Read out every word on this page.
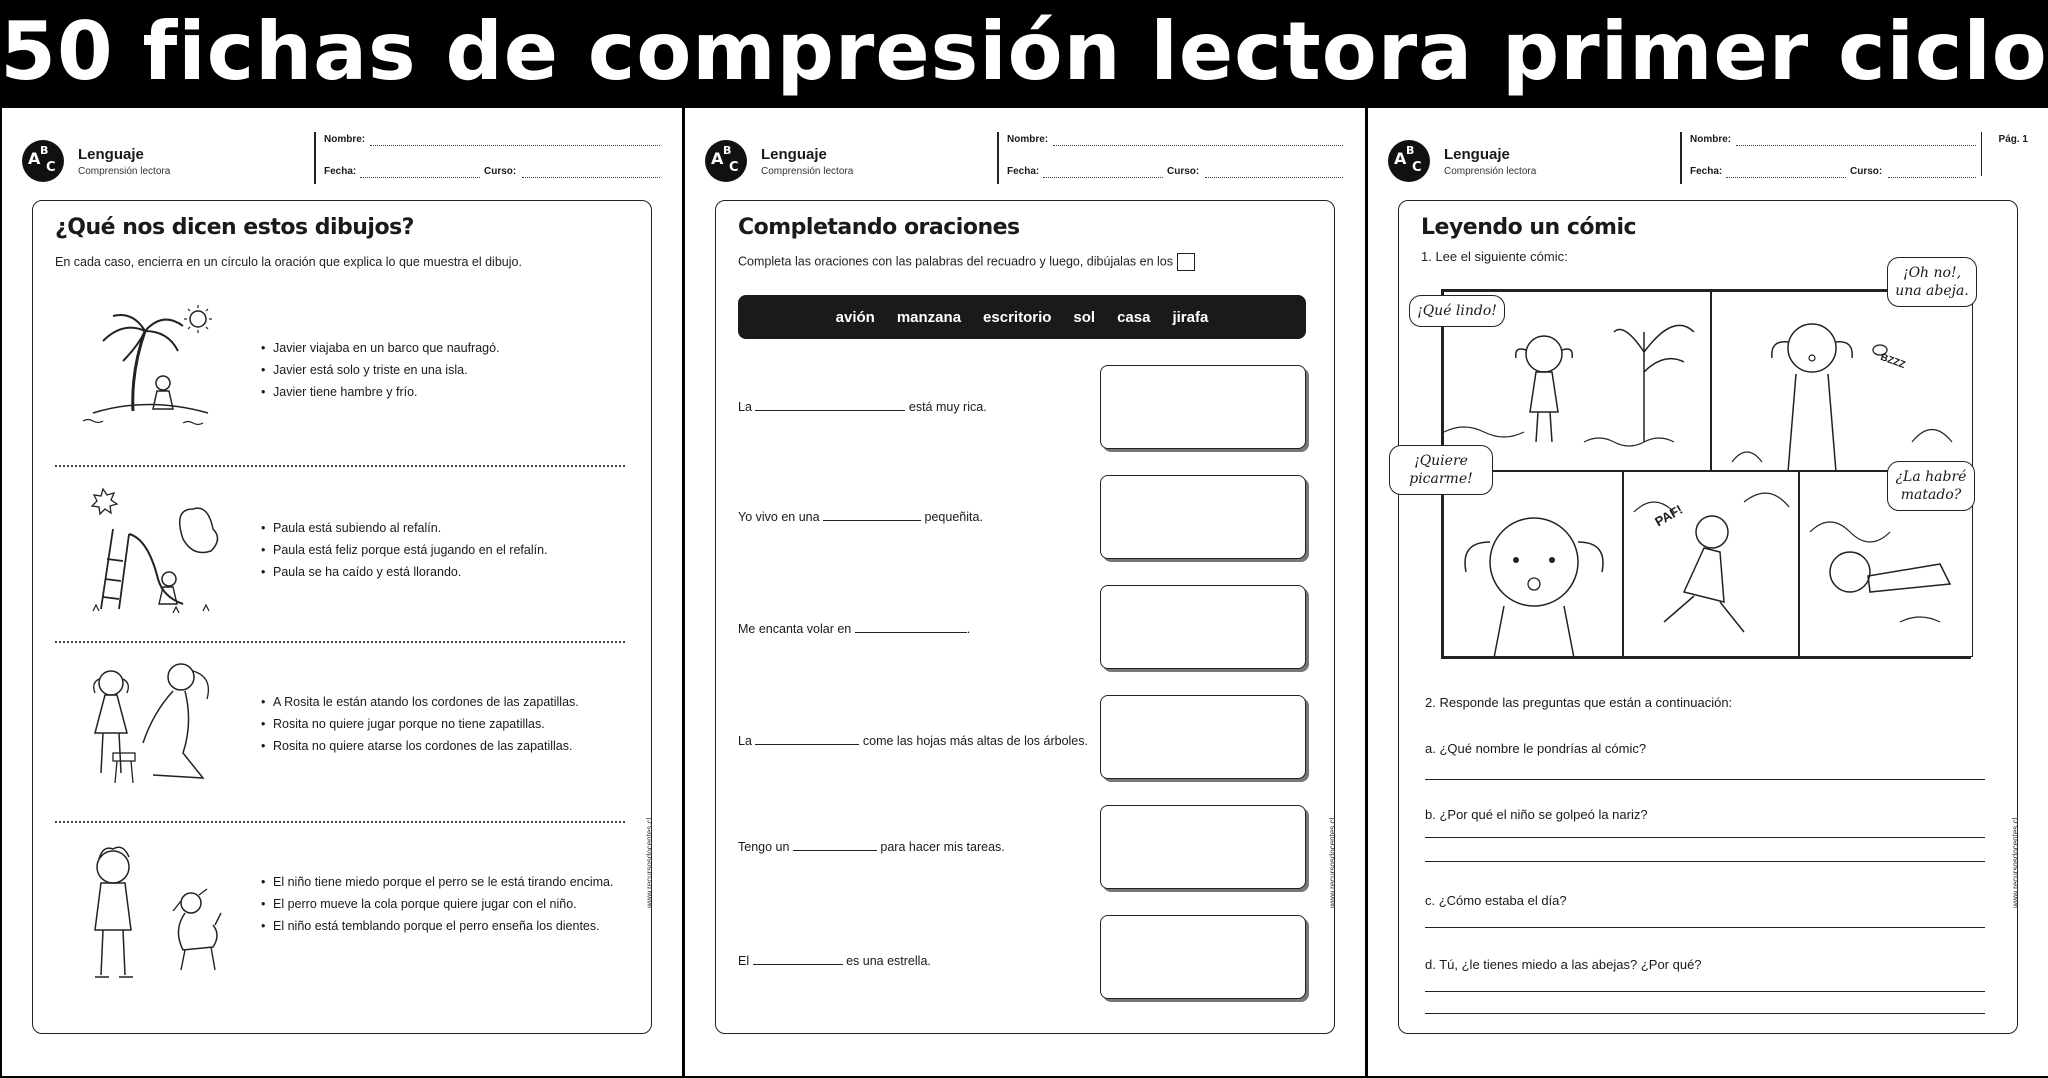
50 fichas de compresión lectora primer ciclo
A B
C
Lenguaje
Comprensión lectora
Nombre:
Fecha:	Curso:
¿Qué nos dicen estos dibujos?
En cada caso, encierra en un círculo la oración que explica lo que muestra el dibujo.
• Javier viajaba en un barco que naufragó.
• Javier está solo y triste en una isla.
• Javier tiene hambre y frío.
• Paula está subiendo al refalín.
• Paula está feliz porque está jugando en el refalín.
• Paula se ha caído y está llorando.
• A Rosita le están atando los cordones de las zapatillas.
• Rosita no quiere jugar porque no tiene zapatillas.
• Rosita no quiere atarse los cordones de las zapatillas.
• El niño tiene miedo porque el perro se le está tirando encima.
• El perro mueve la cola porque quiere jugar con el niño.
• El niño está temblando porque el perro enseña los dientes.
www.recursosdocentes.cl
A B
C
Lenguaje
Comprensión lectora
Nombre:
Fecha:	Curso:
Completando oraciones
Completa las oraciones con las palabras del recuadro y luego, dibújalas en los
avión manzana escritorio sol casa jirafa
La	está muy rica.
Yo vivo en una	pequeñita.
Me encanta volar en	.
La	come las hojas más altas de los árboles.
Tengo un	para hacer mis tareas.
El	es una estrella.
www.recursosdocentes.cl
A B
C
Lenguaje
Comprensión lectora
Nombre:
Fecha:	Curso:
Pág. 1
Leyendo un cómic
1. Lee el siguiente cómic:
BZZZ
PAF!
¡Qué lindo!
¡Oh no!, una abeja.
¡Quiere picarme!	¿La habré matado?
2. Responde las preguntas que están a continuación:
a. ¿Qué nombre le pondrías al cómic?
b. ¿Por qué el niño se golpeó la nariz?
c. ¿Cómo estaba el día?
d. Tú, ¿le tienes miedo a las abejas? ¿Por qué?
www.recursosdocentes.cl
